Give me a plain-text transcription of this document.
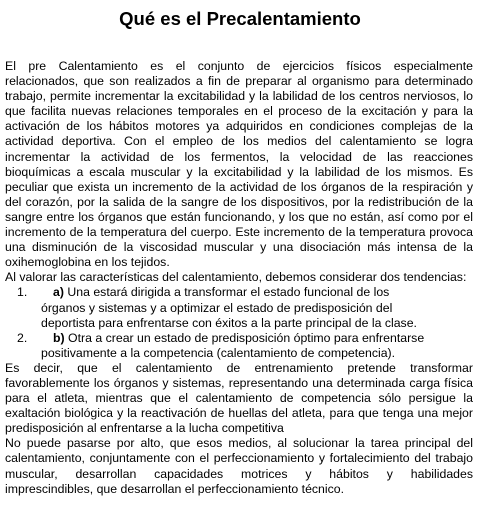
Qué es el Precalentamiento
El pre Calentamiento es el conjunto de ejercicios físicos especialmente
relacionados, que son realizados a fin de preparar al organismo para determinado
trabajo, permite incrementar la excitabilidad y la labilidad de los centros nerviosos, lo
que facilita nuevas relaciones temporales en el proceso de la excitación y para la
activación de los hábitos motores ya adquiridos en condiciones complejas de la
actividad deportiva. Con el empleo de los medios del calentamiento se logra
incrementar la actividad de los fermentos, la velocidad de las reacciones
bioquímicas a escala muscular y la excitabilidad y la labilidad de los mismos. Es
peculiar que exista un incremento de la actividad de los órganos de la respiración y
del corazón, por la salida de la sangre de los dispositivos, por la redistribución de la
sangre entre los órganos que están funcionando, y los que no están, así como por el
incremento de la temperatura del cuerpo. Este incremento de la temperatura provoca
una disminución de la viscosidad muscular y una disociación más intensa de la
oxihemoglobina en los tejidos.
Al valorar las características del calentamiento, debemos considerar dos tendencias:
1. a) Una estará dirigida a transformar el estado funcional de los
órganos y sistemas y a optimizar el estado de predisposición del
deportista para enfrentarse con éxitos a la parte principal de la clase.
2. b) Otra a crear un estado de predisposición óptimo para enfrentarse
positivamente a la competencia (calentamiento de competencia).
Es decir, que el calentamiento de entrenamiento pretende transformar
favorablemente los órganos y sistemas, representando una determinada carga física
para el atleta, mientras que el calentamiento de competencia sólo persigue la
exaltación biológica y la reactivación de huellas del atleta, para que tenga una mejor
predisposición al enfrentarse a la lucha competitiva
No puede pasarse por alto, que esos medios, al solucionar la tarea principal del
calentamiento, conjuntamente con el perfeccionamiento y fortalecimiento del trabajo
muscular, desarrollan capacidades motrices y hábitos y habilidades
imprescindibles, que desarrollan el perfeccionamiento técnico.
